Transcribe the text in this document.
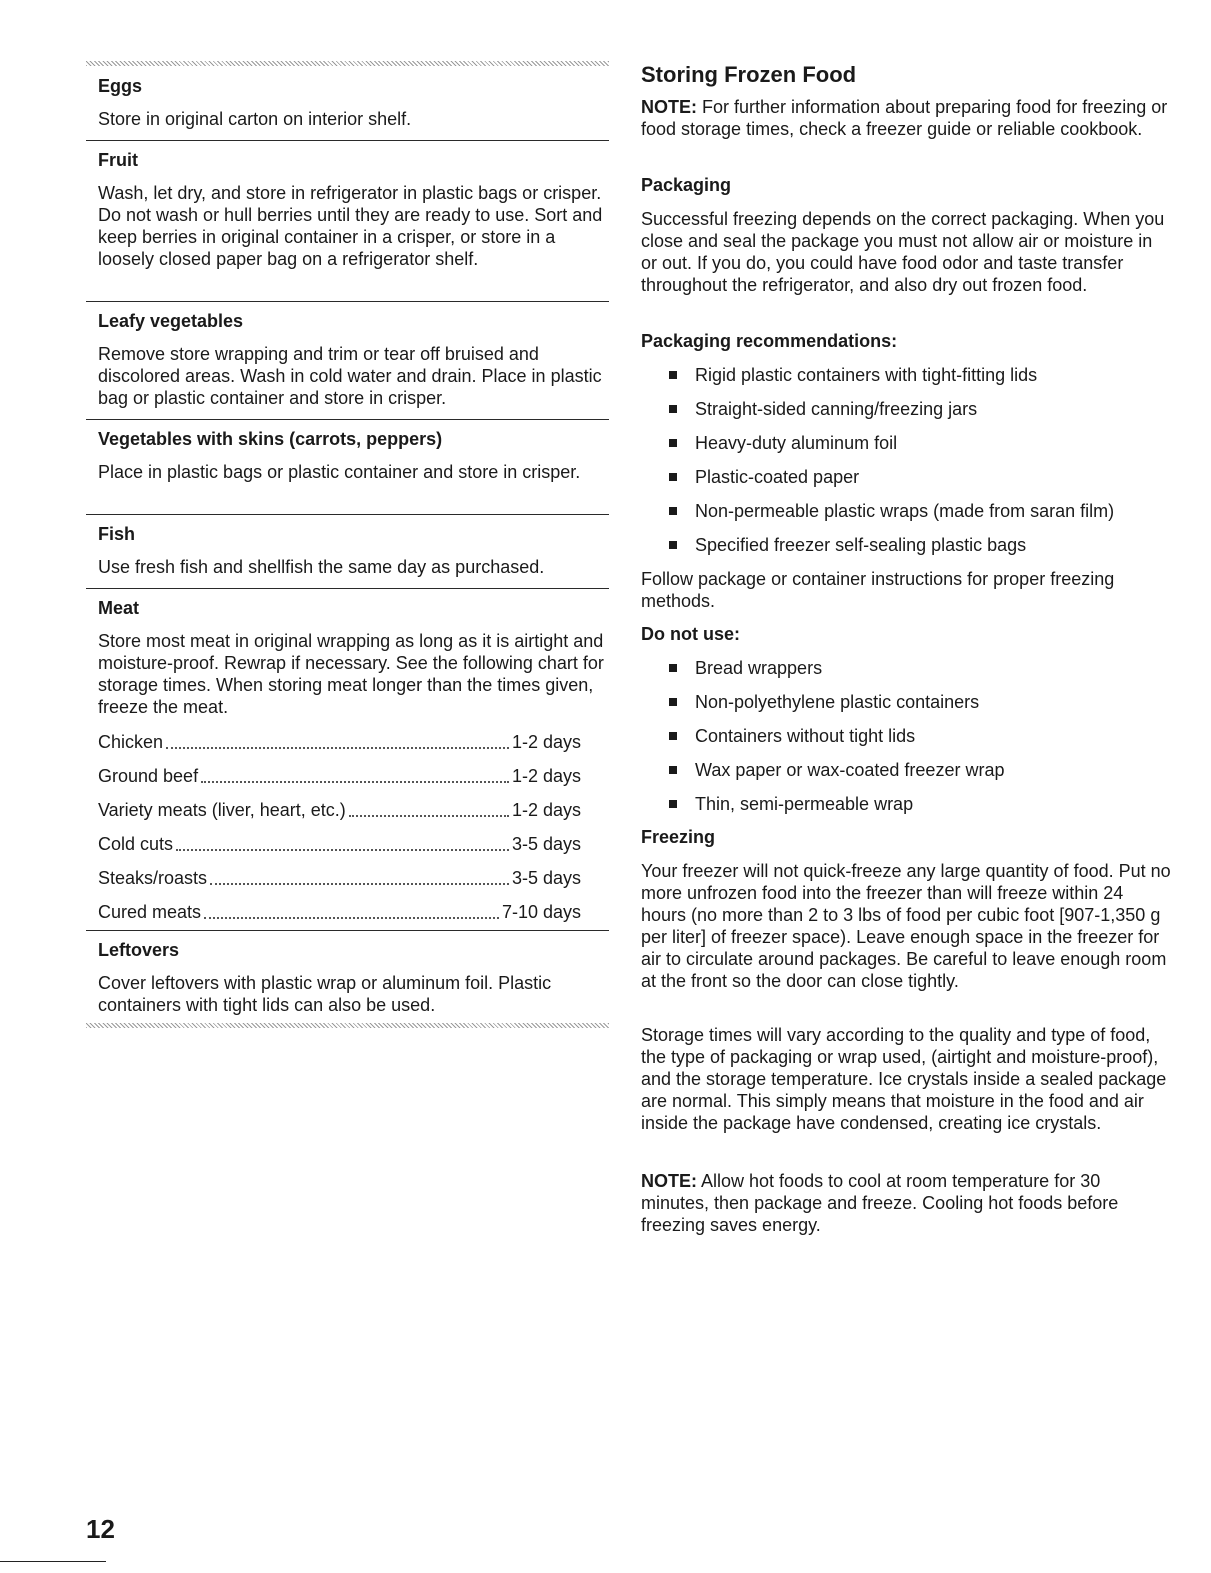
Eggs
Store in original carton on interior shelf.
Fruit
Wash, let dry, and store in refrigerator in plastic bags or crisper. Do not wash or hull berries until they are ready to use. Sort and keep berries in original container in a crisper, or store in a loosely closed paper bag on a refrigerator shelf.
Leafy vegetables
Remove store wrapping and trim or tear off bruised and discolored areas. Wash in cold water and drain. Place in plastic bag or plastic container and store in crisper.
Vegetables with skins (carrots, peppers)
Place in plastic bags or plastic container and store in crisper.
Fish
Use fresh fish and shellfish the same day as purchased.
Meat
Store most meat in original wrapping as long as it is airtight and moisture-proof. Rewrap if necessary. See the following chart for storage times. When storing meat longer than the times given, freeze the meat.
Chicken	1-2 days
Ground beef	1-2 days
Variety meats (liver, heart, etc.)	1-2 days
Cold cuts	3-5 days
Steaks/roasts	3-5 days
Cured meats	7-10 days
Leftovers
Cover leftovers with plastic wrap or aluminum foil. Plastic containers with tight lids can also be used.
Storing Frozen Food
NOTE: For further information about preparing food for freezing or food storage times, check a freezer guide or reliable cookbook.
Packaging
Successful freezing depends on the correct packaging. When you close and seal the package you must not allow air or moisture in or out. If you do, you could have food odor and taste transfer throughout the refrigerator, and also dry out frozen food.
Packaging recommendations:
Rigid plastic containers with tight-fitting lids
Straight-sided canning/freezing jars
Heavy-duty aluminum foil
Plastic-coated paper
Non-permeable plastic wraps (made from saran film)
Specified freezer self-sealing plastic bags
Follow package or container instructions for proper freezing methods.
Do not use:
Bread wrappers
Non-polyethylene plastic containers
Containers without tight lids
Wax paper or wax-coated freezer wrap
Thin, semi-permeable wrap
Freezing
Your freezer will not quick-freeze any large quantity of food. Put no more unfrozen food into the freezer than will freeze within 24 hours (no more than 2 to 3 lbs of food per cubic foot [907-1,350 g per liter] of freezer space). Leave enough space in the freezer for air to circulate around packages. Be careful to leave enough room at the front so the door can close tightly.
Storage times will vary according to the quality and type of food, the type of packaging or wrap used, (airtight and moisture-proof), and the storage temperature. Ice crystals inside a sealed package are normal. This simply means that moisture in the food and air inside the package have condensed, creating ice crystals.
NOTE: Allow hot foods to cool at room temperature for 30 minutes, then package and freeze. Cooling hot foods before freezing saves energy.
12
